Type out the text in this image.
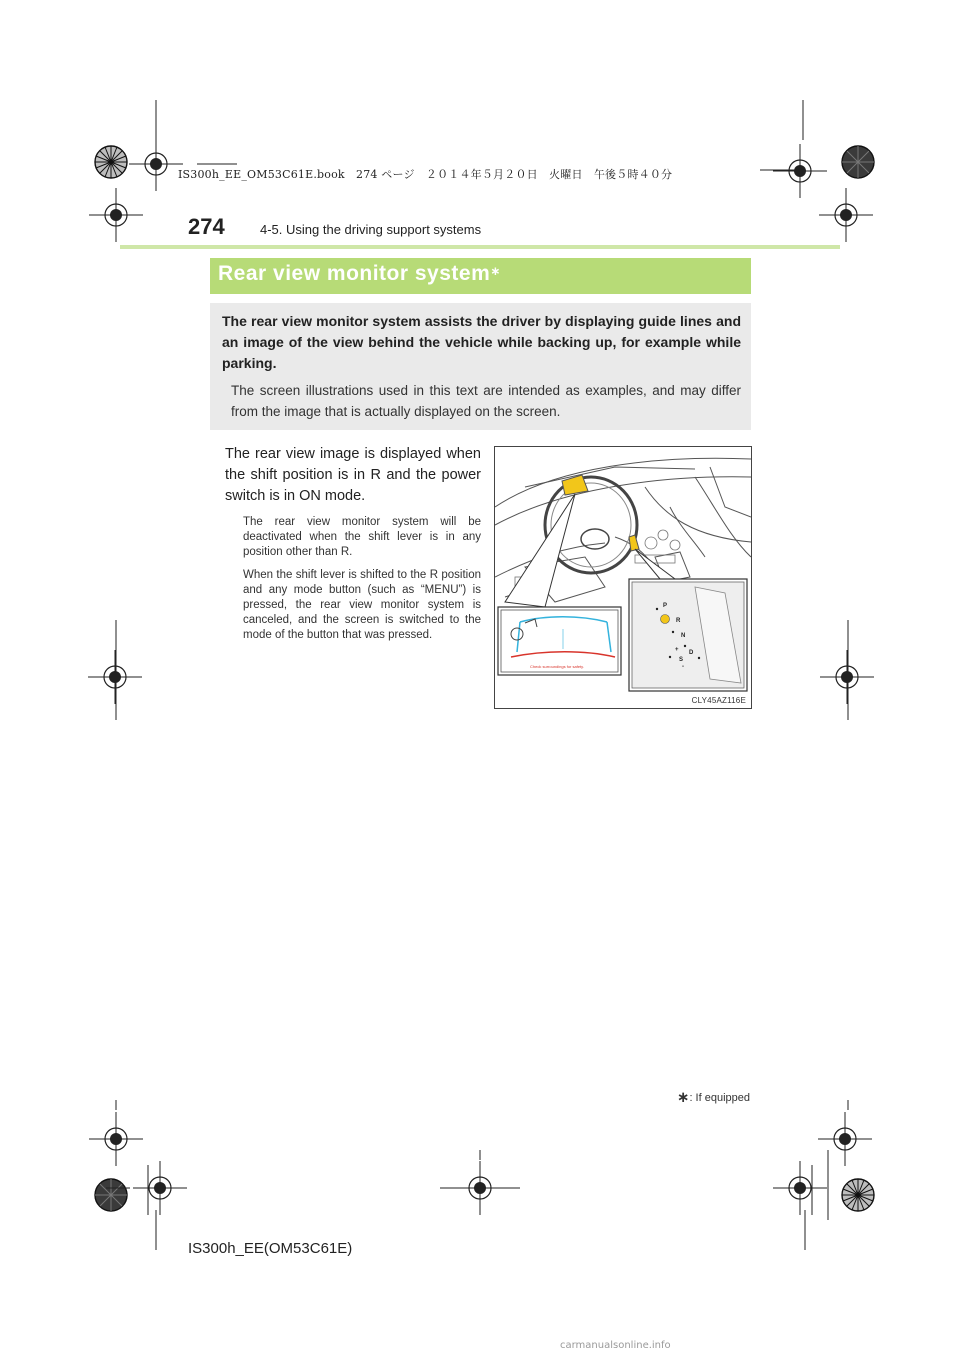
IS300h_EE_OM53C61E.book　274 ページ　２０１４年５月２０日　火曜日　午後５時４０分
274	4-5. Using the driving support systems
Rear view monitor system∗
The rear view monitor system assists the driver by displaying guide lines and an image of the view behind the vehicle while backing up, for example while parking.
The screen illustrations used in this text are intended as examples, and may differ from the image that is actually displayed on the screen.
The rear view image is displayed when the shift position is in R and the power switch is in ON mode.
The rear view monitor system will be deactivated when the shift lever is in any position other than R.
When the shift lever is shifted to the R position and any mode button (such as “MENU”) is pressed, the rear view monitor system is canceled, and the screen is switched to the mode of the button that was pressed.
Check surroundings for safety.
P
R
N
D
S
+
-
CLY45AZ116E
∗: If equipped
IS300h_EE(OM53C61E)
carmanualsonline.info
